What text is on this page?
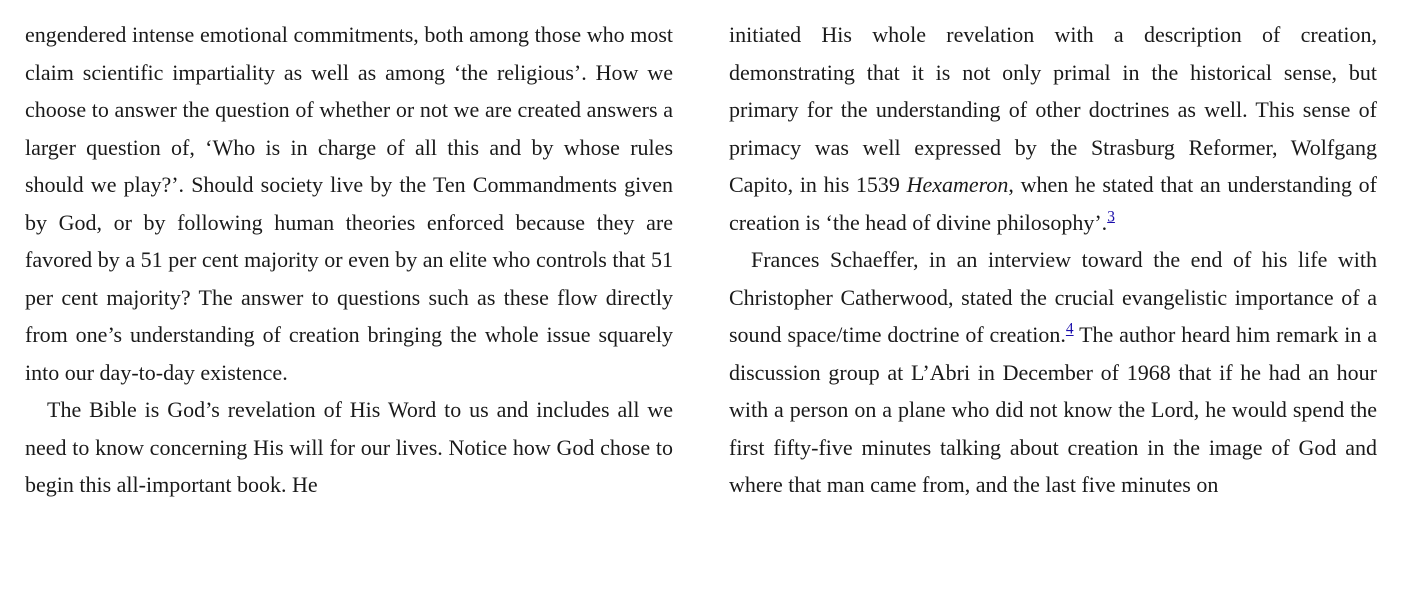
engendered intense emotional commitments, both among those who most claim scientific impartiality as well as among ‘the religious’. How we choose to answer the question of whether or not we are created answers a larger question of, ‘Who is in charge of all this and by whose rules should we play?’. Should society live by the Ten Commandments given by God, or by following human theories enforced because they are favored by a 51 per cent majority or even by an elite who controls that 51 per cent majority? The answer to questions such as these flow directly from one’s understanding of creation bringing the whole issue squarely into our day-to-day existence.

The Bible is God’s revelation of His Word to us and includes all we need to know concerning His will for our lives. Notice how God chose to begin this all-important book. He

initiated His whole revelation with a description of creation, demonstrating that it is not only primal in the historical sense, but primary for the understanding of other doctrines as well. This sense of primacy was well expressed by the Strasburg Reformer, Wolfgang Capito, in his 1539 Hexameron, when he stated that an understanding of creation is ‘the head of divine philosophy’.$^3$

Frances Schaeffer, in an interview toward the end of his life with Christopher Catherwood, stated the crucial evangelistic importance of a sound space/time doctrine of creation.$^4$ The author heard him remark in a discussion group at L’Abri in December of 1968 that if he had an hour with a person on a plane who did not know the Lord, he would spend the first fifty-five minutes talking about creation in the image of God and where that man came from, and the last five minutes on
